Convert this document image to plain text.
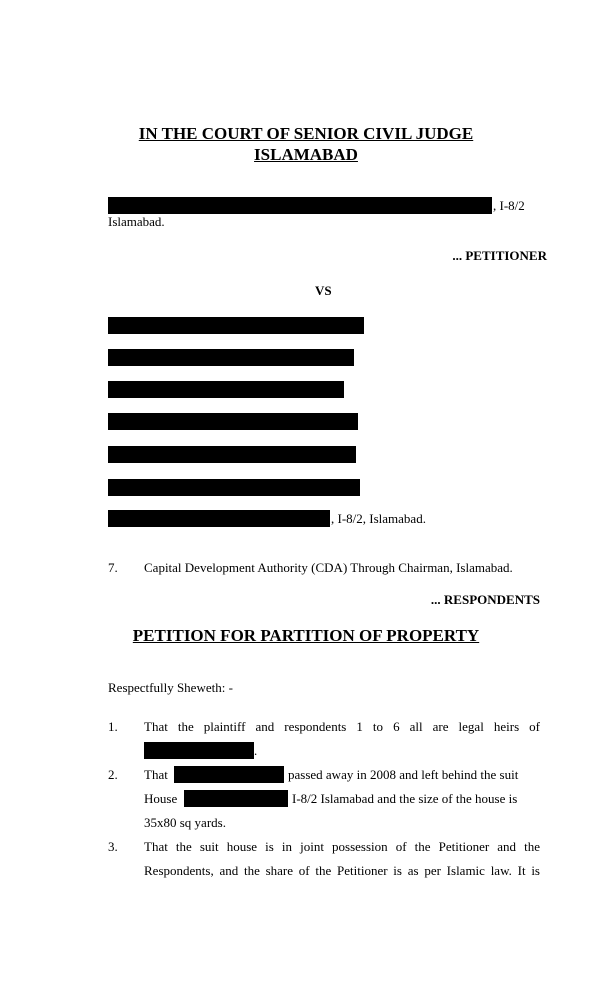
IN THE COURT OF SENIOR CIVIL JUDGE
ISLAMABAD
, I-8/2
Islamabad.
... PETITIONER
VS
, I-8/2, Islamabad.
7. Capital Development Authority (CDA) Through Chairman, Islamabad.
... RESPONDENTS
PETITION FOR PARTITION OF PROPERTY
Respectfully Sheweth: -
1. That the plaintiff and respondents 1 to 6 all are legal heirs of
.
2. That	passed away in 2008 and left behind the suit
House	I-8/2 Islamabad and the size of the house is
35x80 sq yards.
3. That the suit house is in joint possession of the Petitioner and the
Respondents, and the share of the Petitioner is as per Islamic law. It is
